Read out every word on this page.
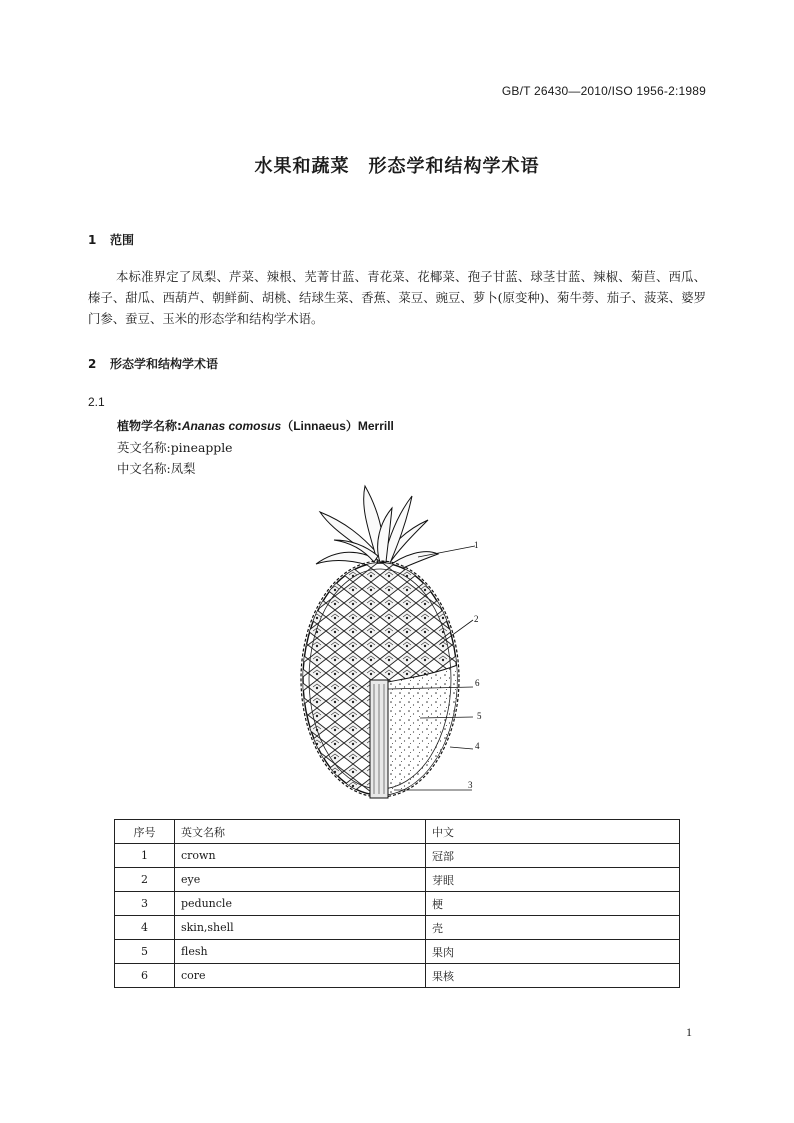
GB/T 26430—2010/ISO 1956-2:1989
水果和蔬菜　形态学和结构学术语
1 范围
本标准界定了凤梨、芹菜、辣根、芜菁甘蓝、青花菜、花椰菜、孢子甘蓝、球茎甘蓝、辣椒、菊苣、西瓜、榛子、甜瓜、西葫芦、朝鲜蓟、胡桃、结球生菜、香蕉、菜豆、豌豆、萝卜(原变种)、菊牛蒡、茄子、菠菜、婆罗门参、蚕豆、玉米的形态学和结构学术语。
2 形态学和结构学术语
2.1
植物学名称:Ananas comosus（Linnaeus）Merrill
英文名称:pineapple
中文名称:凤梨
1
2
6
5
4
3
序号	英文名称	中文
1	crown	冠部
2	eye	芽眼
3	peduncle	梗
4	skin,shell	壳
5	flesh	果肉
6	core	果核
1
